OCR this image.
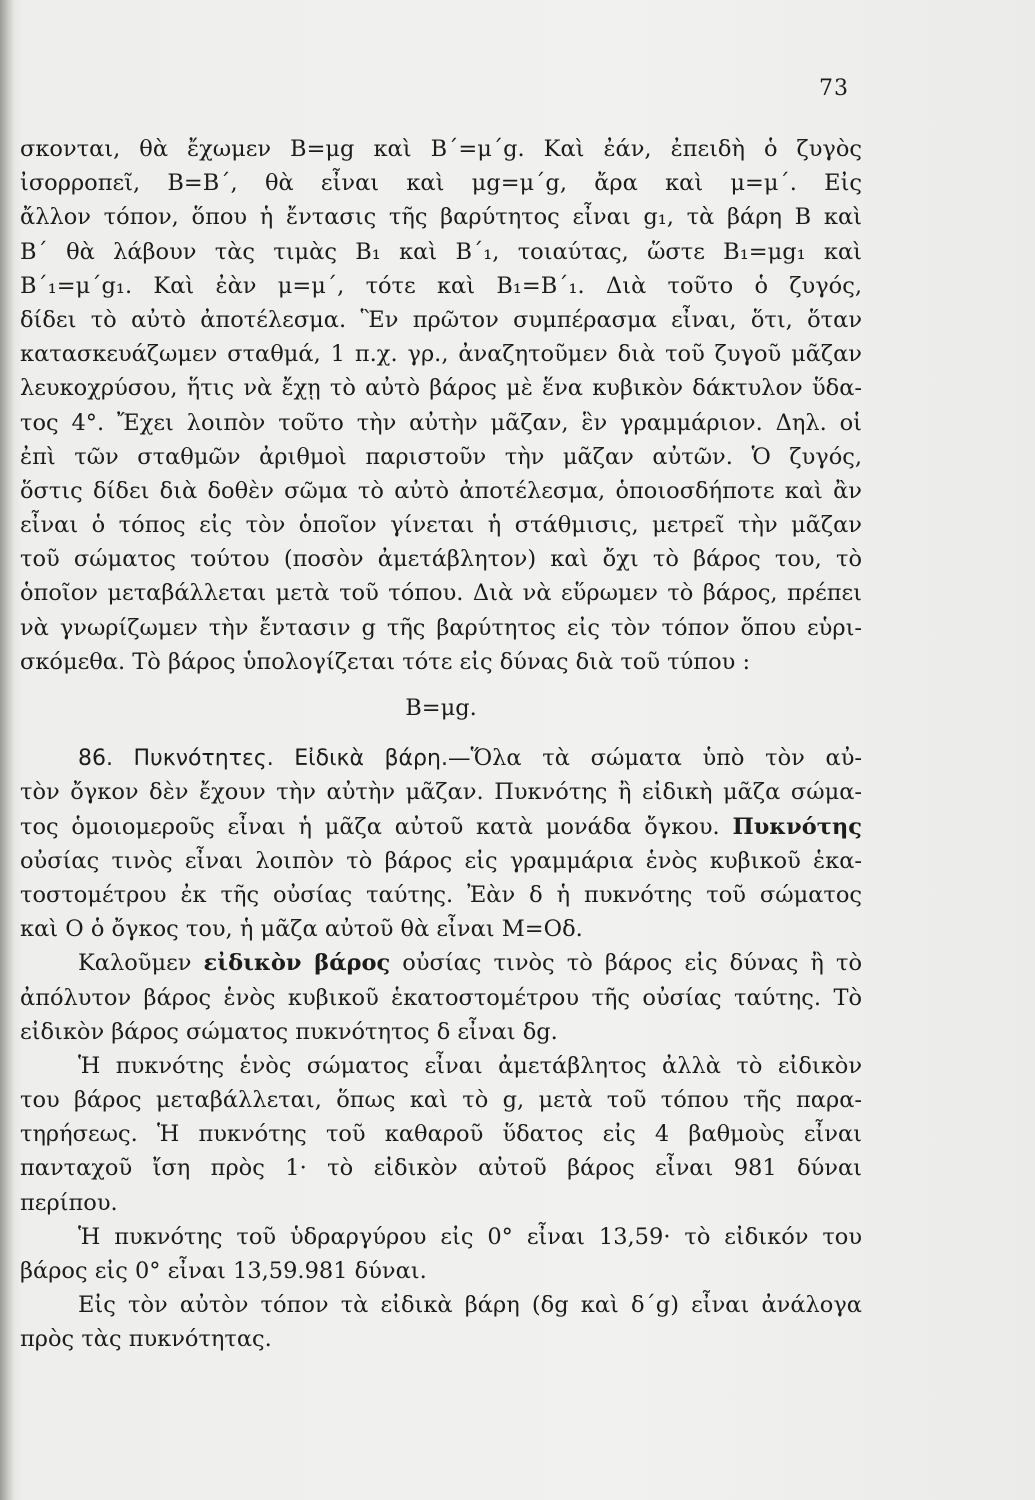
73
σκονται, θὰ ἔχωμεν Β=μg καὶ Β΄=μ΄g. Καὶ ἐάν, ἐπειδὴ ὁ ζυγὸς
ἰσορροπεῖ, Β=Β΄, θὰ εἶναι καὶ μg=μ΄g, ἄρα καὶ μ=μ΄. Εἰς
ἄλλον τόπον, ὅπου ἡ ἔντασις τῆς βαρύτητος εἶναι g₁, τὰ βάρη Β καὶ
Β΄ θὰ λάβουν τὰς τιμὰς Β₁ καὶ Β΄₁, τοιαύτας, ὥστε Β₁=μg₁ καὶ
Β΄₁=μ΄g₁. Καὶ ἐὰν μ=μ΄, τότε καὶ Β₁=Β΄₁. Διὰ τοῦτο ὁ ζυγός,
δίδει τὸ αὐτὸ ἀποτέλεσμα. Ἓν πρῶτον συμπέρασμα εἶναι, ὅτι, ὅταν
κατασκευάζωμεν σταθμά, 1 π.χ. γρ., ἀναζητοῦμεν διὰ τοῦ ζυγοῦ μᾶζαν
λευκοχρύσου, ἥτις νὰ ἔχῃ τὸ αὐτὸ βάρος μὲ ἕνα κυβικὸν δάκτυλον ὕδα-
τος 4°. Ἔχει λοιπὸν τοῦτο τὴν αὐτὴν μᾶζαν, ἓν γραμμάριον. Δηλ. οἱ
ἐπὶ τῶν σταθμῶν ἀριθμοὶ παριστοῦν τὴν μᾶζαν αὐτῶν. Ὁ ζυγός,
ὅστις δίδει διὰ δοθὲν σῶμα τὸ αὐτὸ ἀποτέλεσμα, ὁποιοσδήποτε καὶ ἂν
εἶναι ὁ τόπος εἰς τὸν ὁποῖον γίνεται ἡ στάθμισις, μετρεῖ τὴν μᾶζαν
τοῦ σώματος τούτου (ποσὸν ἀμετάβλητον) καὶ ὄχι τὸ βάρος του, τὸ
ὁποῖον μεταβάλλεται μετὰ τοῦ τόπου. Διὰ νὰ εὕρωμεν τὸ βάρος, πρέπει
νὰ γνωρίζωμεν τὴν ἔντασιν g τῆς βαρύτητος εἰς τὸν τόπον ὅπου εὑρι-
σκόμεθα. Τὸ βάρος ὑπολογίζεται τότε εἰς δύνας διὰ τοῦ τύπου :
Β=μg.
86. Πυκνότητες. Εἰδικὰ βάρη.—Ὅλα τὰ σώματα ὑπὸ τὸν αὐ-
τὸν ὄγκον δὲν ἔχουν τὴν αὐτὴν μᾶζαν. Πυκνότης ἢ εἰδικὴ μᾶζα σώμα-
τος ὁμοιομεροῦς εἶναι ἡ μᾶζα αὐτοῦ κατὰ μονάδα ὄγκου. Πυκνότης
οὐσίας τινὸς εἶναι λοιπὸν τὸ βάρος εἰς γραμμάρια ἑνὸς κυβικοῦ ἑκα-
τοστομέτρου ἐκ τῆς οὐσίας ταύτης. Ἐὰν δ ἡ πυκνότης τοῦ σώματος
καὶ Ο ὁ ὄγκος του, ἡ μᾶζα αὐτοῦ θὰ εἶναι Μ=Οδ.
Καλοῦμεν εἰδικὸν βάρος οὐσίας τινὸς τὸ βάρος εἰς δύνας ἢ τὸ
ἀπόλυτον βάρος ἑνὸς κυβικοῦ ἑκατοστομέτρου τῆς οὐσίας ταύτης. Τὸ
εἰδικὸν βάρος σώματος πυκνότητος δ εἶναι δg.
Ἡ πυκνότης ἑνὸς σώματος εἶναι ἀμετάβλητος ἀλλὰ τὸ εἰδικὸν
του βάρος μεταβάλλεται, ὅπως καὶ τὸ g, μετὰ τοῦ τόπου τῆς παρα-
τηρήσεως. Ἡ πυκνότης τοῦ καθαροῦ ὕδατος εἰς 4 βαθμοὺς εἶναι
πανταχοῦ ἴση πρὸς 1· τὸ εἰδικὸν αὐτοῦ βάρος εἶναι 981 δύναι
περίπου.
Ἡ πυκνότης τοῦ ὑδραργύρου εἰς 0° εἶναι 13,59· τὸ εἰδικόν του
βάρος εἰς 0° εἶναι 13,59.981 δύναι.
Εἰς τὸν αὐτὸν τόπον τὰ εἰδικὰ βάρη (δg καὶ δ΄g) εἶναι ἀνάλογα
πρὸς τὰς πυκνότητας.
